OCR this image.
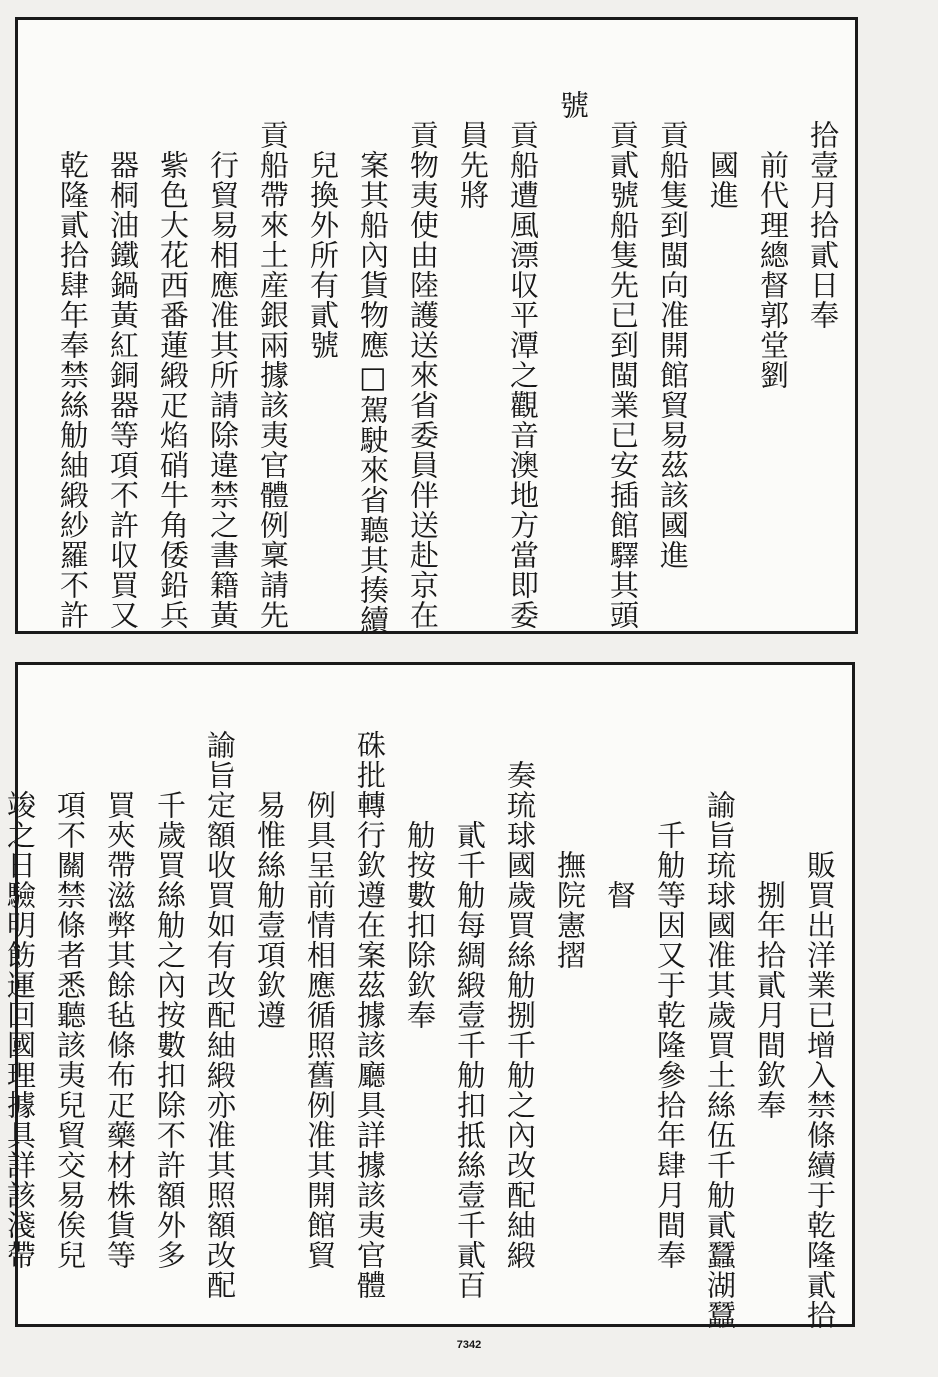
拾壹月拾貳日奉
前代理總督郭堂劉
國進
貢船隻到閩向准開館貿易茲該國進
貢貳號船隻先已到閩業已安插館驛其頭
號
貢船遭風漂収平潭之觀音澳地方當即委
員先將
貢物夷使由陸護送來省委員伴送赴京在
案其船內貨物應□駕駛來省聽其揍續
兒換外所有貳號
貢船帶來土産銀兩據該夷官體例稟請先
行貿易相應准其所請除違禁之書籍黃
紫色大花西番蓮緞疋焰硝牛角倭鉛兵
器桐油鐵鍋黃紅銅器等項不許収買又
乾隆貳拾肆年奉禁絲觔紬緞紗羅不許
販買出洋業已增入禁條續于乾隆貳拾
捌年拾貳月間欽奉
諭旨琉球國准其歲買土絲伍千觔貳蠶湖蠶
千觔等因又于乾隆參拾年肆月間奉
督
撫院憲摺
奏琉球國歲買絲觔捌千觔之內改配紬緞
貳千觔每綢緞壹千觔扣抵絲壹千貳百
觔按數扣除欽奉
硃批轉行欽遵在案茲據該廳具詳據該夷官體
例具呈前情相應循照舊例准其開館貿
易惟絲觔壹項欽遵
諭旨定額收買如有改配紬緞亦准其照額改配
千歲買絲觔之內按數扣除不許額外多
買夾帶滋弊其餘毡條布疋藥材株貨等
項不關禁條者悉聽該夷兒貿交易俟兒
竣之日驗明飭運回國理據具詳該淺帶
7342
